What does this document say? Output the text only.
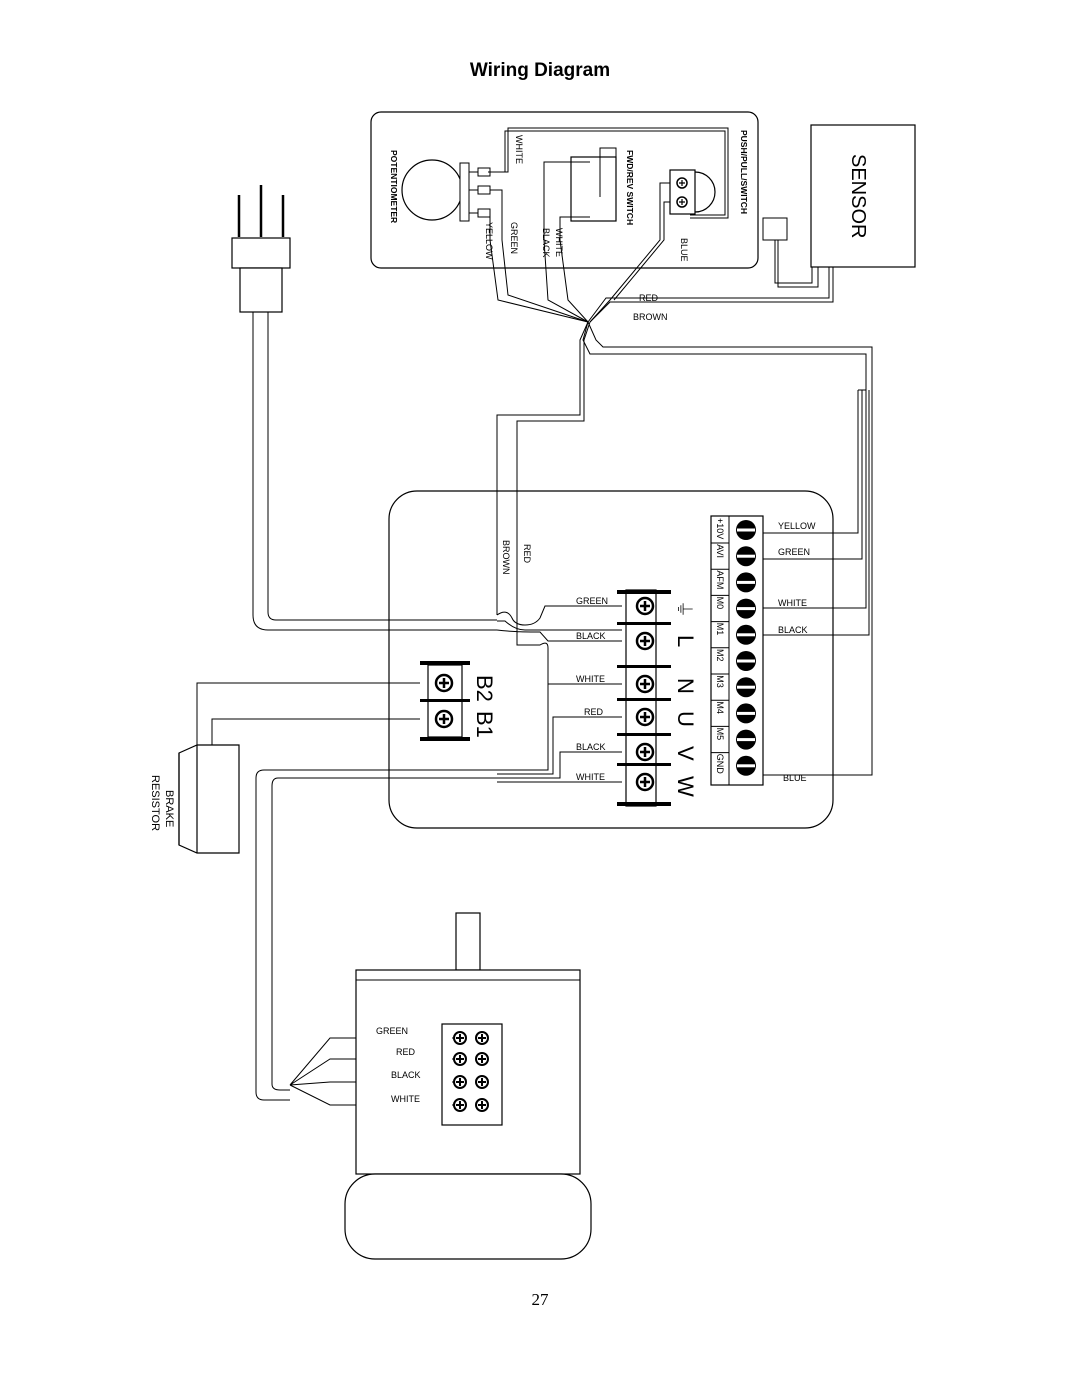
Wiring Diagram
POTENTIOMETER	FWD/REV SWITCH	PUSH/PULL/SWITCH
WHITE
YELLOW GREEN	WHITE
BLACK	BLUE
SENSOR
RED
BROWN
RED
BROWN
+10V
AVI
AFM
M0
M1
M2
M3
M4
M5
GND
YELLOW
GREEN
WHITE
BLACK
BLUE
⏚
GREEN
L
BLACK
N
WHITE
U
RED
V
BLACK
W
WHITE
B2
B1
BRAKE
RESISTOR
GREEN
RED
BLACK
WHITE
27
